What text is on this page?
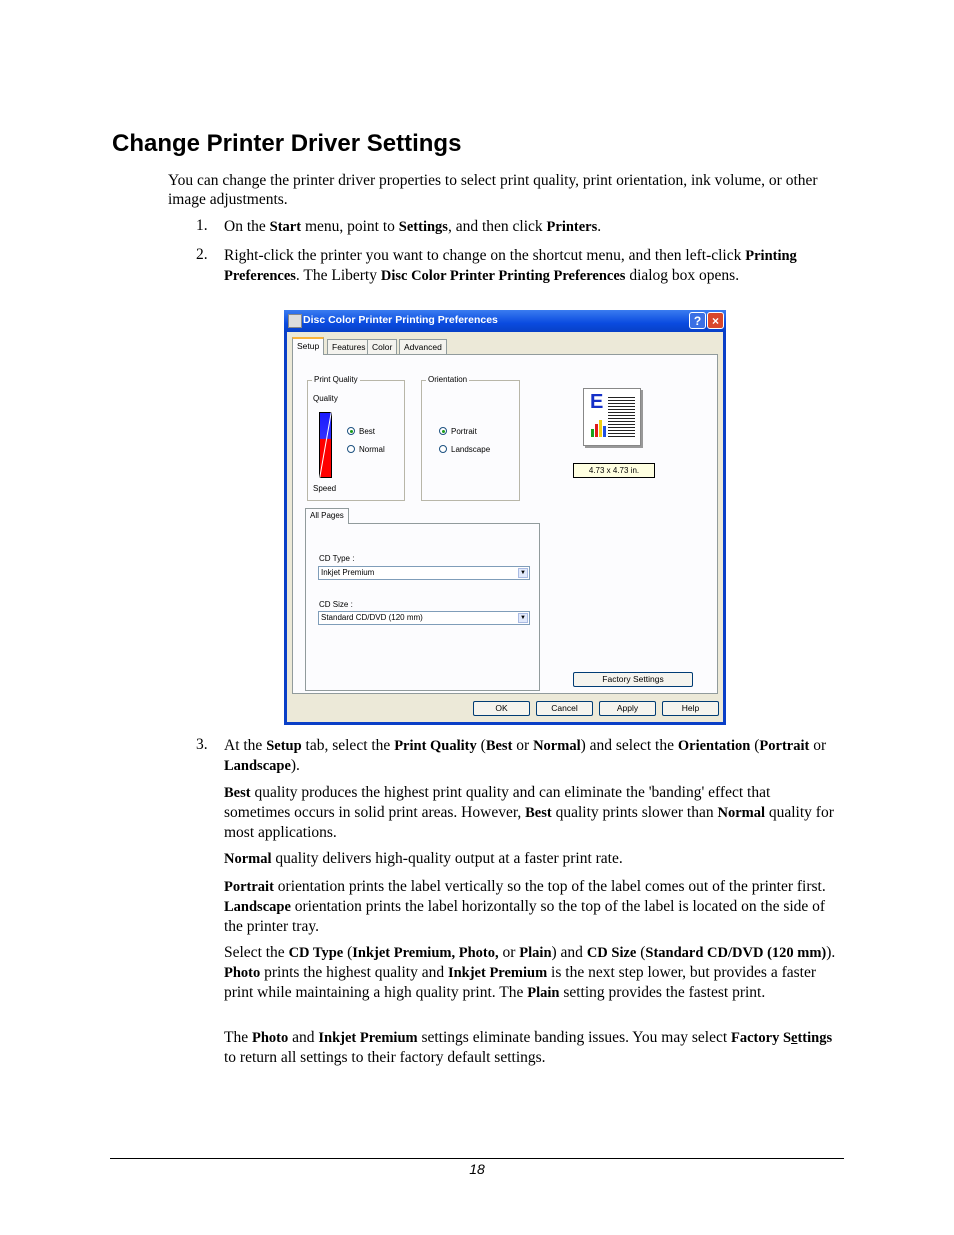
Change Printer Driver Settings

You can change the printer driver properties to select print quality, print orientation, ink volume, or other image adjustments.

1. On the Start menu, point to Settings, and then click Printers.

2. Right-click the printer you want to change on the shortcut menu, and then left-click Printing Preferences. The Liberty Disc Color Printer Printing Preferences dialog box opens.

Disc Color Printer Printing Preferences	? ×
Setup	Features Color	Advanced
Print Quality
Quality
Best
Normal
Speed
Orientation
Portrait
Landscape
E
4.73 x 4.73 in.
All Pages
CD Type :
Inkjet Premium	▼
CD Size :
Standard CD/DVD (120 mm)	▼
Factory Settings
OK	Cancel	Apply	Help
3. At the Setup tab, select the Print Quality (Best or Normal) and select the Orientation (Portrait or Landscape).

Best quality produces the highest print quality and can eliminate the 'banding' effect that sometimes occurs in solid print areas. However, Best quality prints slower than Normal quality for most applications.

Normal quality delivers high-quality output at a faster print rate.

Portrait orientation prints the label vertically so the top of the label comes out of the printer first. Landscape orientation prints the label horizontally so the top of the label is located on the side of the printer tray.

Select the CD Type (Inkjet Premium, Photo, or Plain) and CD Size (Standard CD/DVD (120 mm)). Photo prints the highest quality and Inkjet Premium is the next step lower, but provides a faster print while maintaining a high quality print. The Plain setting provides the fastest print.

The Photo and Inkjet Premium settings eliminate banding issues. You may select Factory Settings to return all settings to their factory default settings.

18
